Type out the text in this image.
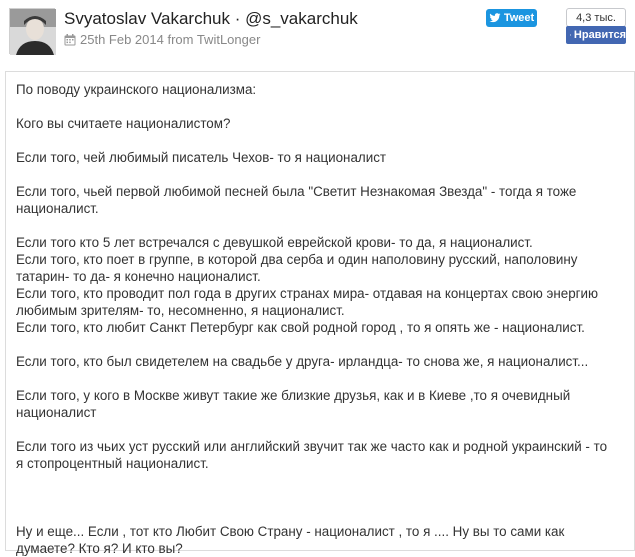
Svyatoslav Vakarchuk · @s_vakarchuk
25th Feb 2014 from TwitLonger
Tweet	4,3 тыс.
Нравится

По поводу украинского национализма:

Кого вы считаете националистом?

Если того, чей любимый писатель Чехов- то я националист

Если того, чьей первой любимой песней была "Светит Незнакомая Звезда" - тогда я тоже националист.

Если того кто 5 лет встречался с девушкой еврейской крови- то да, я националист.

Если того, кто поет в группе, в которой два серба и один наполовину русский, наполовину татарин- то да- я конечно националист.

Если того, кто проводит пол года в других странах мира- отдавая на концертах свою энергию любимым зрителям- то, несомненно, я националист.

Если того, кто любит Санкт Петербург как свой родной город , то я опять же - националист.

Если того, кто был свидетелем на свадьбе у друга- ирландца- то снова же, я националист...

Если того, у кого в Москве живут такие же близкие друзья, как и в Киеве ,то я очевидный националист

Если того из чьих уст русский или английский звучит так же часто как и родной украинский - то я стопроцентный националист.

Ну и еще... Если , тот кто Любит Свою Страну - националист , то я .... Ну вы то сами как думаете? Кто я? И кто вы?
